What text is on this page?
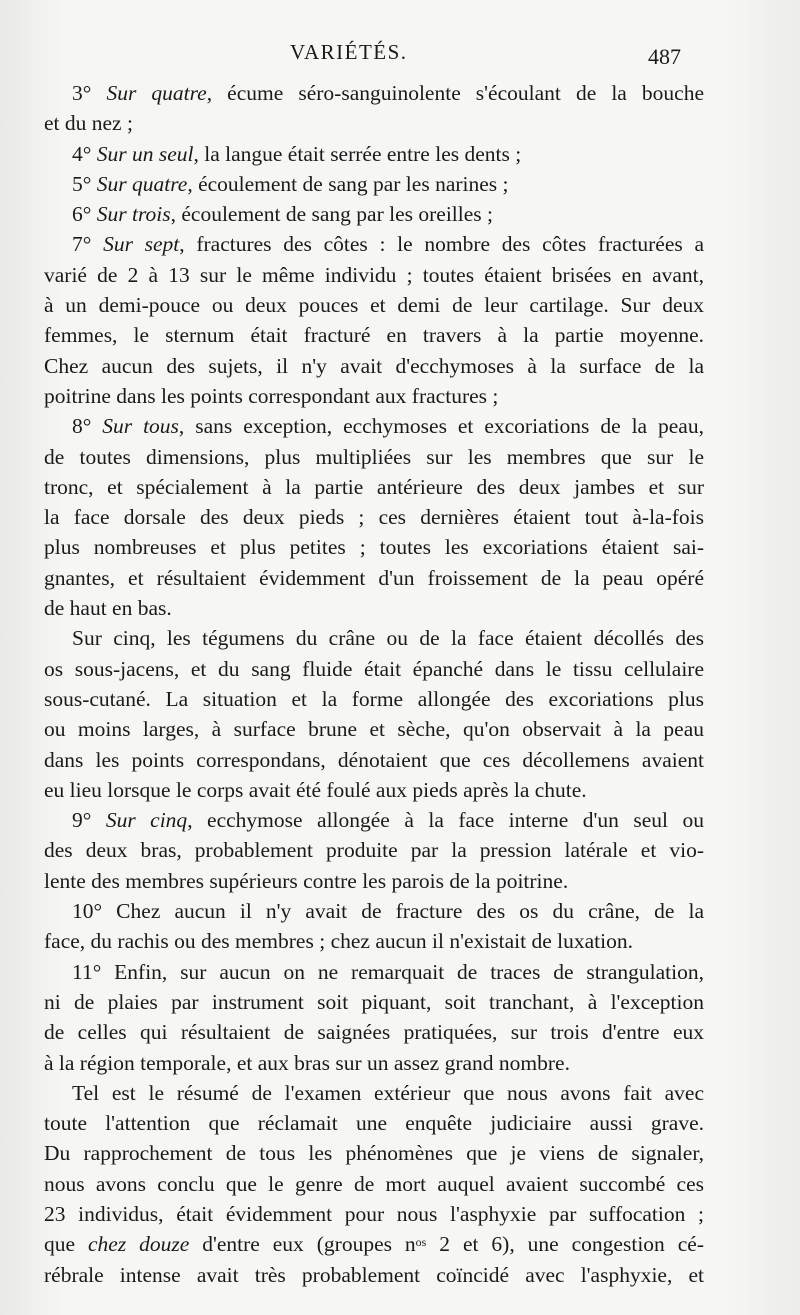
VARIÉTÉS.	487
3° Sur quatre, écume séro-sanguinolente s'écoulant de la bouche
et du nez ;
4° Sur un seul, la langue était serrée entre les dents ;
5° Sur quatre, écoulement de sang par les narines ;
6° Sur trois, écoulement de sang par les oreilles ;
7° Sur sept, fractures des côtes : le nombre des côtes fracturées a
varié de 2 à 13 sur le même individu ; toutes étaient brisées en avant,
à un demi-pouce ou deux pouces et demi de leur cartilage. Sur deux
femmes, le sternum était fracturé en travers à la partie moyenne.
Chez aucun des sujets, il n'y avait d'ecchymoses à la surface de la
poitrine dans les points correspondant aux fractures ;
8° Sur tous, sans exception, ecchymoses et excoriations de la peau,
de toutes dimensions, plus multipliées sur les membres que sur le
tronc, et spécialement à la partie antérieure des deux jambes et sur
la face dorsale des deux pieds ; ces dernières étaient tout à-la-fois
plus nombreuses et plus petites ; toutes les excoriations étaient sai-
gnantes, et résultaient évidemment d'un froissement de la peau opéré
de haut en bas.
Sur cinq, les tégumens du crâne ou de la face étaient décollés des
os sous-jacens, et du sang fluide était épanché dans le tissu cellulaire
sous-cutané. La situation et la forme allongée des excoriations plus
ou moins larges, à surface brune et sèche, qu'on observait à la peau
dans les points correspondans, dénotaient que ces décollemens avaient
eu lieu lorsque le corps avait été foulé aux pieds après la chute.
9° Sur cinq, ecchymose allongée à la face interne d'un seul ou
des deux bras, probablement produite par la pression latérale et vio-
lente des membres supérieurs contre les parois de la poitrine.
10° Chez aucun il n'y avait de fracture des os du crâne, de la
face, du rachis ou des membres ; chez aucun il n'existait de luxation.
11° Enfin, sur aucun on ne remarquait de traces de strangulation,
ni de plaies par instrument soit piquant, soit tranchant, à l'exception
de celles qui résultaient de saignées pratiquées, sur trois d'entre eux
à la région temporale, et aux bras sur un assez grand nombre.
Tel est le résumé de l'examen extérieur que nous avons fait avec
toute l'attention que réclamait une enquête judiciaire aussi grave.
Du rapprochement de tous les phénomènes que je viens de signaler,
nous avons conclu que le genre de mort auquel avaient succombé ces
23 individus, était évidemment pour nous l'asphyxie par suffocation ;
que chez douze d'entre eux (groupes $n^{os}$ 2 et 6), une congestion cé-
rébrale intense avait très probablement coïncidé avec l'asphyxie, et
